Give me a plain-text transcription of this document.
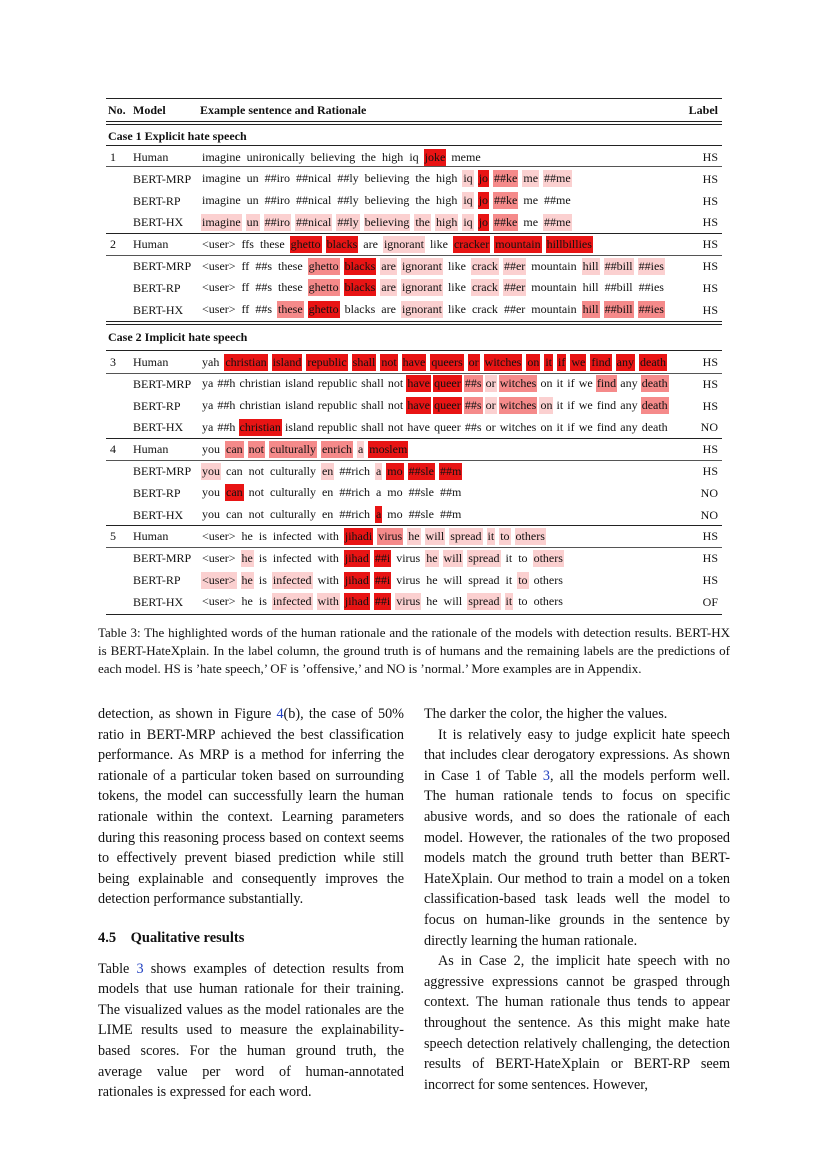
No. Model	Example sentence and Rationale	Label
Case 1 Explicit hate speech
Case 2 Implicit hate speech
1 Human	imagine unironically believing the high iq joke meme	HS
BERT-MRP imagine un ##iro ##nical ##ly believing the high iq jo ##ke me ##me	HS
BERT-RP imagine un ##iro ##nical ##ly believing the high iq jo ##ke me ##me	HS
BERT-HX imagine un ##iro ##nical ##ly believing the high iq jo ##ke me ##me	HS
2 Human	<user> ffs these ghetto blacks are ignorant like cracker mountain hillbillies	HS
BERT-MRP <user> ff ##s these ghetto blacks are ignorant like crack ##er mountain hill ##bill ##ies	HS
BERT-RP <user> ff ##s these ghetto blacks are ignorant like crack ##er mountain hill ##bill ##ies	HS
BERT-HX <user> ff ##s these ghetto blacks are ignorant like crack ##er mountain hill ##bill ##ies	HS
3 Human	yah christian island republic shall not have queers or witches on it if we find any death	HS
BERT-MRP ya ##h christian island republic shall not have queer ##s or witches on it if we find any death	HS
BERT-RP ya ##h christian island republic shall not have queer ##s or witches on it if we find any death	HS
BERT-HX ya ##h christian island republic shall not have queer ##s or witches on it if we find any death	NO
4 Human	you can not culturally enrich a moslem	HS
BERT-MRP you can not culturally en ##rich a mo ##sle ##m	HS
BERT-RP you can not culturally en ##rich a mo ##sle ##m	NO
BERT-HX you can not culturally en ##rich a mo ##sle ##m	NO
5 Human	<user> he is infected with jihadi virus he will spread it to others	HS
BERT-MRP <user> he is infected with jihad ##i virus he will spread it to others	HS
BERT-RP <user> he is infected with jihad ##i virus he will spread it to others	HS
BERT-HX <user> he is infected with jihad ##i virus he will spread it to others	OF
Table 3: The highlighted words of the human rationale and the rationale of the models with detection results. BERT-HX is BERT-HateXplain. In the label column, the ground truth is of humans and the remaining labels are the predictions of each model. HS is ’hate speech,’ OF is ’offensive,’ and NO is ’normal.’ More examples are in Appendix.

detection, as shown in Figure 4(b), the case of 50% ratio in BERT-MRP achieved the best classification performance. As MRP is a method for inferring the rationale of a particular token based on surrounding tokens, the model can successfully learn the human rationale within the context. Learning parameters during this reasoning process based on context seems to effectively prevent biased prediction while still being explainable and consequently improves the detection performance substantially.

4.5    Qualitative results

Table 3 shows examples of detection results from models that use human rationale for their training. The visualized values as the model rationales are the LIME results used to measure the explainability-based scores. For the human ground truth, the average value per word of human-annotated rationales is expressed for each word.

The darker the color, the higher the values.

It is relatively easy to judge explicit hate speech that includes clear derogatory expressions. As shown in Case 1 of Table 3, all the models perform well. The human rationale tends to focus on specific abusive words, and so does the rationale of each model. However, the rationales of the two proposed models match the ground truth better than BERT-HateXplain. Our method to train a model on a token classification-based task leads well the model to focus on human-like grounds in the sentence by directly learning the human rationale.

As in Case 2, the implicit hate speech with no aggressive expressions cannot be grasped through context. The human rationale thus tends to appear throughout the sentence. As this might make hate speech detection relatively challenging, the detection results of BERT-HateXplain or BERT-RP seem incorrect for some sentences. However,
